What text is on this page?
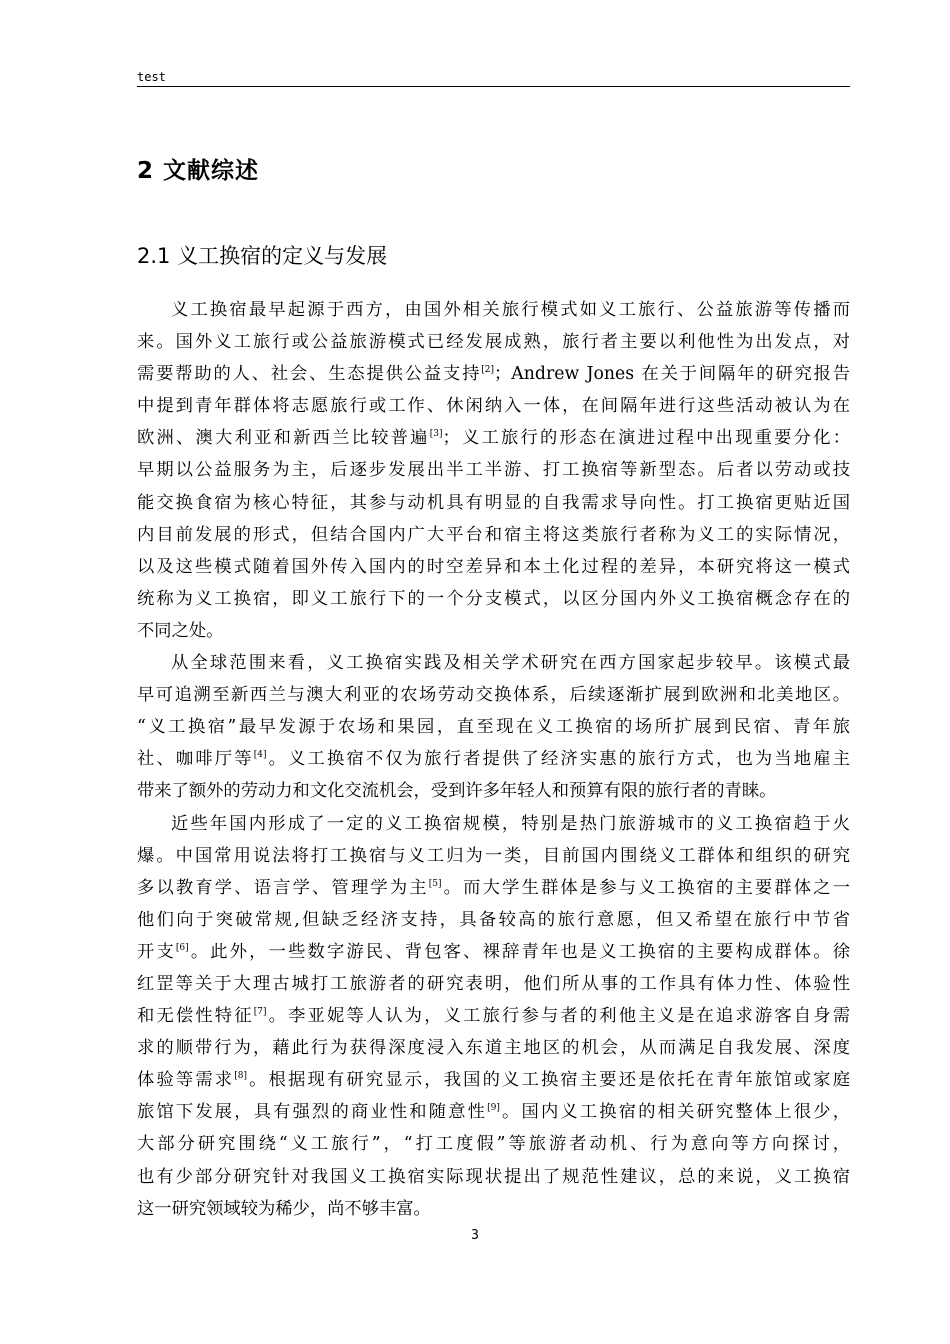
test
2 文献综述
2.1 义工换宿的定义与发展
义工换宿最早起源于西方，由国外相关旅行模式如义工旅行、公益旅游等传播而
来。国外义工旅行或公益旅游模式已经发展成熟，旅行者主要以利他性为出发点，对
需要帮助的人、社会、生态提供公益支持[2]；Andrew Jones 在关于间隔年的研究报告
中提到青年群体将志愿旅行或工作、休闲纳入一体，在间隔年进行这些活动被认为在
欧洲、澳大利亚和新西兰比较普遍[3]；义工旅行的形态在演进过程中出现重要分化：
早期以公益服务为主，后逐步发展出半工半游、打工换宿等新型态。后者以劳动或技
能交换食宿为核心特征，其参与动机具有明显的自我需求导向性。打工换宿更贴近国
内目前发展的形式，但结合国内广大平台和宿主将这类旅行者称为义工的实际情况，
以及这些模式随着国外传入国内的时空差异和本土化过程的差异，本研究将这一模式
统称为义工换宿，即义工旅行下的一个分支模式，以区分国内外义工换宿概念存在的
不同之处。
从全球范围来看，义工换宿实践及相关学术研究在西方国家起步较早。该模式最
早可追溯至新西兰与澳大利亚的农场劳动交换体系，后续逐渐扩展到欧洲和北美地区。
“义工换宿”最早发源于农场和果园，直至现在义工换宿的场所扩展到民宿、青年旅
社、咖啡厅等[4]。义工换宿不仅为旅行者提供了经济实惠的旅行方式，也为当地雇主
带来了额外的劳动力和文化交流机会，受到许多年轻人和预算有限的旅行者的青睐。
近些年国内形成了一定的义工换宿规模，特别是热门旅游城市的义工换宿趋于火
爆。中国常用说法将打工换宿与义工归为一类，目前国内围绕义工群体和组织的研究
多以教育学、语言学、管理学为主[5]。而大学生群体是参与义工换宿的主要群体之一
他们向于突破常规,但缺乏经济支持，具备较高的旅行意愿，但又希望在旅行中节省
开支[6]。此外，一些数字游民、背包客、裸辞青年也是义工换宿的主要构成群体。徐
红罡等关于大理古城打工旅游者的研究表明，他们所从事的工作具有体力性、体验性
和无偿性特征[7]。李亚妮等人认为，义工旅行参与者的利他主义是在追求游客自身需
求的顺带行为，藉此行为获得深度浸入东道主地区的机会，从而满足自我发展、深度
体验等需求[8]。根据现有研究显示，我国的义工换宿主要还是依托在青年旅馆或家庭
旅馆下发展，具有强烈的商业性和随意性[9]。国内义工换宿的相关研究整体上很少，
大部分研究围绕“义工旅行”，“打工度假”等旅游者动机、行为意向等方向探讨，
也有少部分研究针对我国义工换宿实际现状提出了规范性建议，总的来说，义工换宿
这一研究领域较为稀少，尚不够丰富。
3
